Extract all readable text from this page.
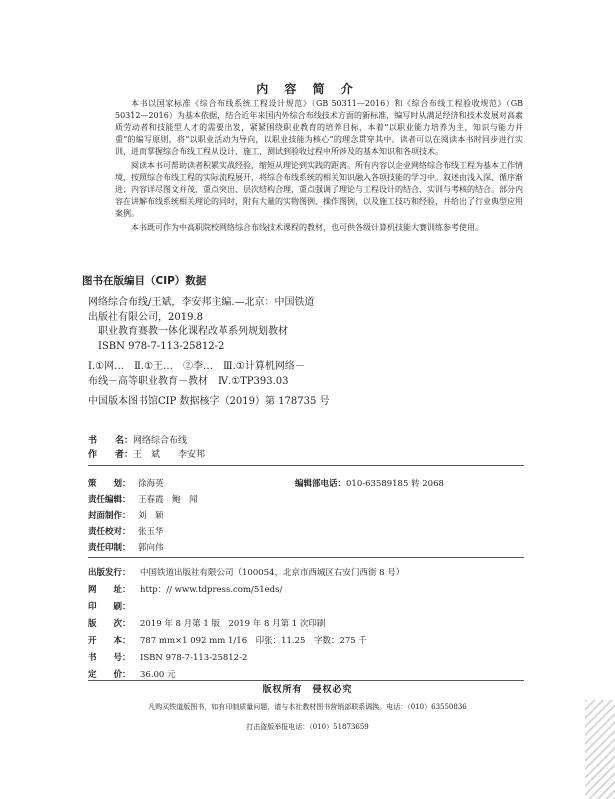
内 容 简 介

本书以国家标准《综合布线系统工程设计规范》（GB 50311—2016）和《综合布线工程验收规范》（GB 50312—2016）为基本依据，结合近年来国内外综合布线技术方面的新标准，编写时从满足经济和技术发展对高素质劳动者和技能型人才的需要出发，紧紧围绕职业教育的培养目标，本着“以职业能力培养为主，知识与能力并重”的编写原则，将“以职业活动为导向，以职业技能为核心”的理念贯穿其中。读者可以在阅读本书时同步进行实训，进而掌握综合布线工程从设计、施工、测试到验收过程中所涉及的基本知识和各项技术。

阅读本书可帮助读者积累实战经验，缩短从理论到实践的距离。所有内容以企业网络综合布线工程为基本工作情境，按照综合布线工程的实际流程展开，将综合布线系统的相关知识融入各项技能的学习中。叙述由浅入深、循序渐进；内容详尽图文并茂，重点突出、层次结构合理，重点强调了理论与工程设计的结合、实训与考核的结合。部分内容在讲解布线系统相关理论的同时，附有大量的实物图例、操作图例，以及施工技巧和经验，并给出了行业典型应用案例。

本书既可作为中高职院校网络综合布线技术课程的教材，也可供各级计算机技能大赛训练参考使用。

图书在版编目（CIP）数据
网络综合布线/王斌，李安邦主编.—北京：中国铁道
出版社有限公司，2019.8
　职业教育赛教一体化课程改革系列规划教材
　ISBN 978-7-113-25812-2
Ⅰ.①网…　Ⅱ.①王…　②李…　Ⅲ.①计算机网络－
布线－高等职业教育－教材　Ⅳ.①TP393.03
中国版本图书馆CIP 数据核字（2019）第 178735 号
书　　名：网络综合布线
作　　者：王　斌　　李安邦
策　　划： 徐海英	编辑部电话：010-63589185 转 2068
责任编辑： 王春霞　鲍　闻
封面制作： 刘　颖
责任校对： 张玉华
责任印制： 郭向伟
出版发行： 中国铁道出版社有限公司（100054，北京市西城区右安门西街 8 号）
网　　址： http：// www.tdpress.com/51eds/
印　　刷：
版　　次： 2019 年 8 月第 1 版　2019 年 8 月第 1 次印刷
开　　本： 787 mm×1 092 mm 1/16　印张：11.25　字数：275 千
书　　号： ISBN 978-7-113-25812-2
定　　价： 36.00 元
版权所有　侵权必究
凡购买铁道版图书，如有印制质量问题，请与本社教材图书营销部联系调换。电话：（010）63550836
打击盗版举报电话：（010）51873659
